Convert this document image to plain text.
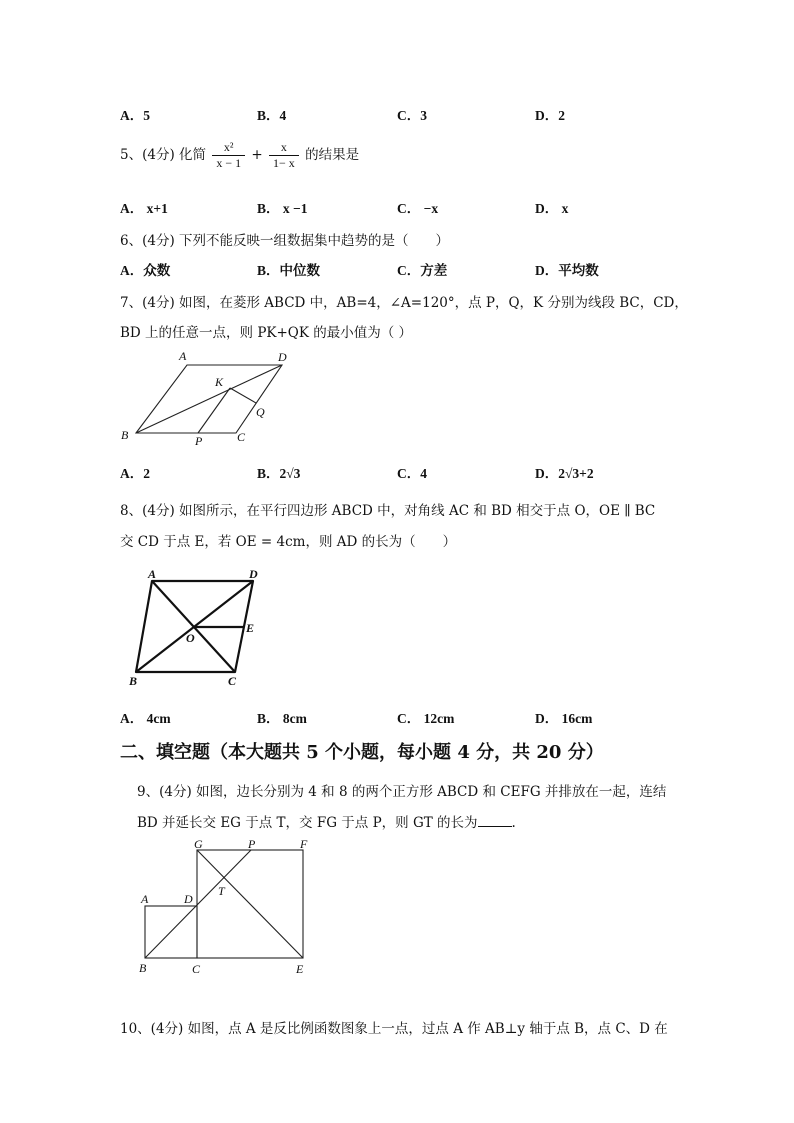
A．5	B．4	C．3	D．2
5、(4分) 化简 $\frac{\text{x²}}{x - 1} + \frac{x}{1- x}$ 的结果是
A． x+1	B． x −1	C． −x	D． x
6、(4分) 下列不能反映一组数据集中趋势的是（　　）
A．众数	B．中位数	C．方差	D．平均数
7、(4分) 如图，在菱形 ABCD 中，AB=4，∠A=120°，点 P，Q，K 分别为线段 BC，CD，
BD 上的任意一点，则 PK+QK 的最小值为（ ）
A	D
K
Q
B	P	C
A．2	B．2√3	C．4	D．2√3+2
8、(4分) 如图所示，在平行四边形 ABCD 中，对角线 AC 和 BD 相交于点 O，OE ∥ BC
交 CD 于点 E，若 OE = 4cm，则 AD 的长为（　　）
A	D
O
E
B	C
A． 4cm	B． 8cm	C． 12cm	D． 16cm
二、填空题（本大题共 5 个小题，每小题 4 分，共 20 分）
9、(4分) 如图，边长分别为 4 和 8 的两个正方形 ABCD 和 CEFG 并排放在一起，连结
BD 并延长交 EG 于点 T，交 FG 于点 P，则 GT 的长为	.
G	P	F
T
A	D
B	C	E
10、(4分) 如图，点 A 是反比例函数图象上一点，过点 A 作 AB⊥y 轴于点 B，点 C、D 在
